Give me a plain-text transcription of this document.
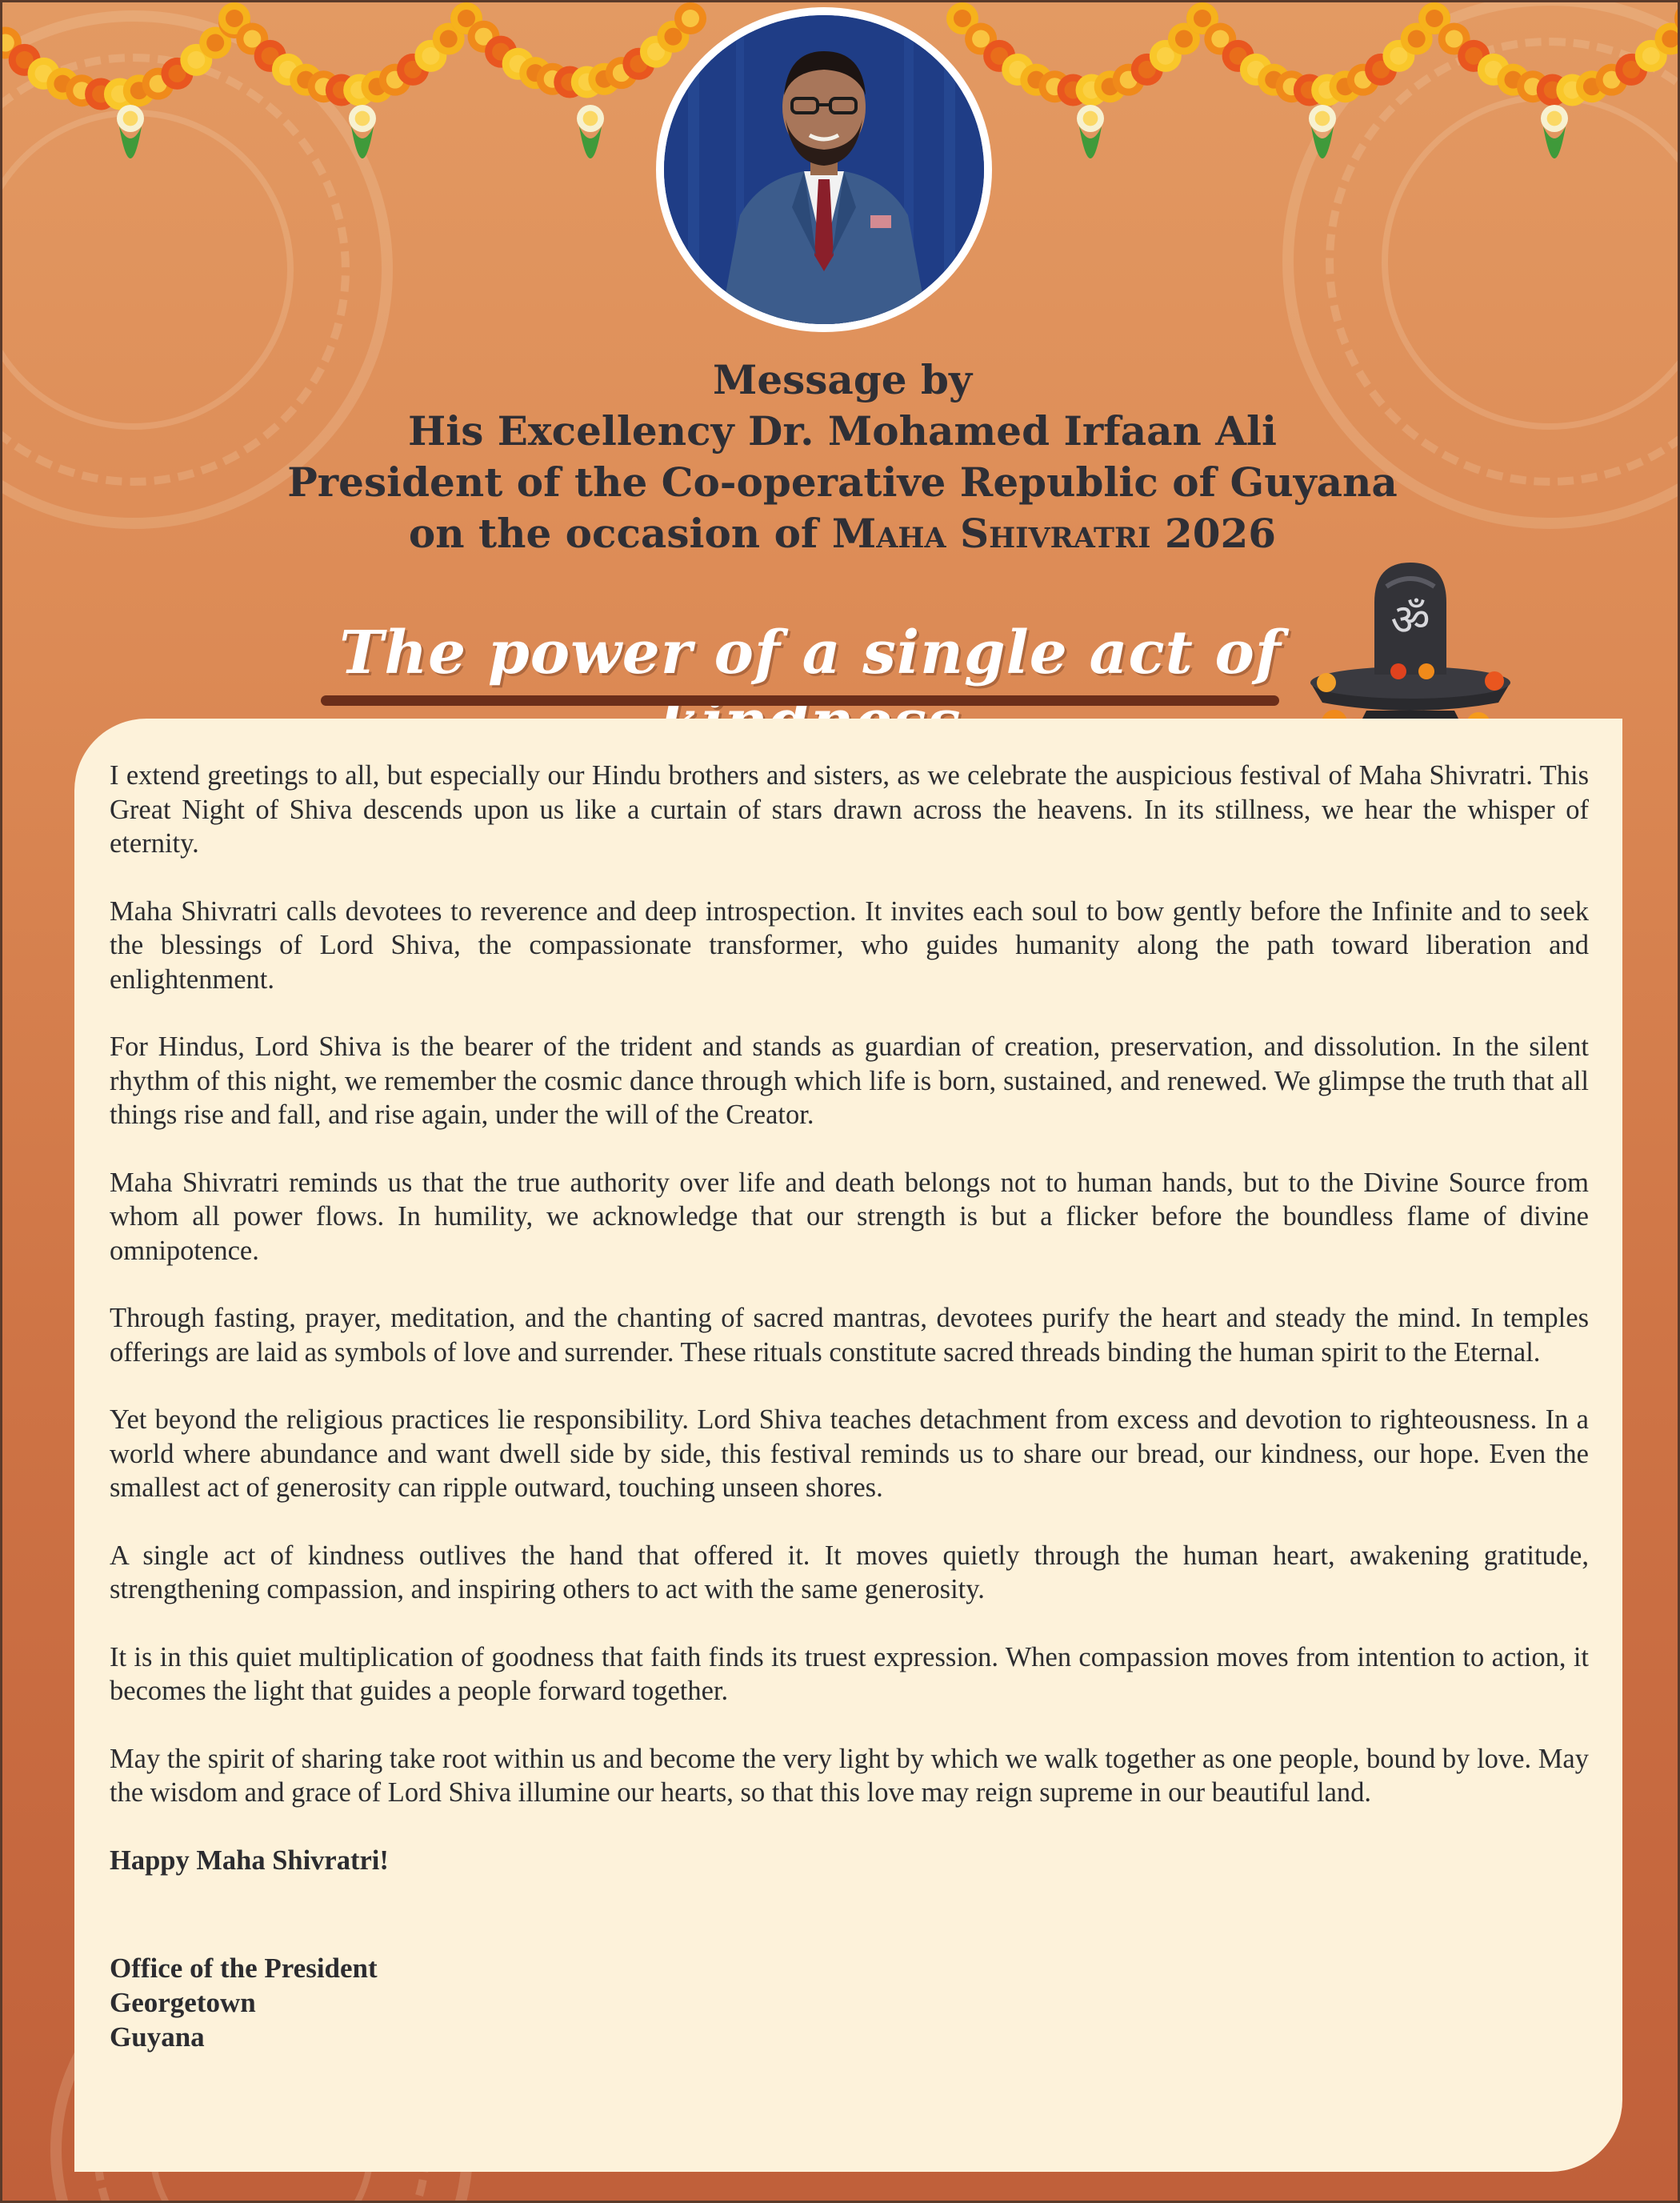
Message by
His Excellency Dr. Mohamed Irfaan Ali
President of the Co-operative Republic of Guyana
on the occasion of Maha Shivratri 2026
The power of a single act of	ॐ

I extend greetings to all, but especially our Hindu brothers and sisters, as we celebrate the auspicious festival of Maha Shivratri. This Great Night of Shiva descends upon us like a curtain of stars drawn across the heavens. In its stillness, we hear the whisper of eternity.

Maha Shivratri calls devotees to reverence and deep introspection. It invites each soul to bow gently before the Infinite and to seek the blessings of Lord Shiva, the compassionate transformer, who guides humanity along the path toward liberation and enlightenment.

For Hindus, Lord Shiva is the bearer of the trident and stands as guardian of creation, preservation, and dissolution. In the silent rhythm of this night, we remember the cosmic dance through which life is born, sustained, and renewed. We glimpse the truth that all things rise and fall, and rise again, under the will of the Creator.

Maha Shivratri reminds us that the true authority over life and death belongs not to human hands, but to the Divine Source from whom all power flows. In humility, we acknowledge that our strength is but a flicker before the boundless flame of divine omnipotence.

Through fasting, prayer, meditation, and the chanting of sacred mantras, devotees purify the heart and steady the mind. In temples offerings are laid as symbols of love and surrender. These rituals constitute sacred threads binding the human spirit to the Eternal.

Yet beyond the religious practices lie responsibility. Lord Shiva teaches detachment from excess and devotion to righteousness. In a world where abundance and want dwell side by side, this festival reminds us to share our bread, our kindness, our hope. Even the smallest act of generosity can ripple outward, touching unseen shores.

A single act of kindness outlives the hand that offered it. It moves quietly through the human heart, awakening gratitude, strengthening compassion, and inspiring others to act with the same generosity.

It is in this quiet multiplication of goodness that faith finds its truest expression. When compassion moves from intention to action, it becomes the light that guides a people forward together.

May the spirit of sharing take root within us and become the very light by which we walk together as one people, bound by love. May the wisdom and grace of Lord Shiva illumine our hearts, so that this love may reign supreme in our beautiful land.

Happy Maha Shivratri!

Office of the President
Georgetown
Guyana
